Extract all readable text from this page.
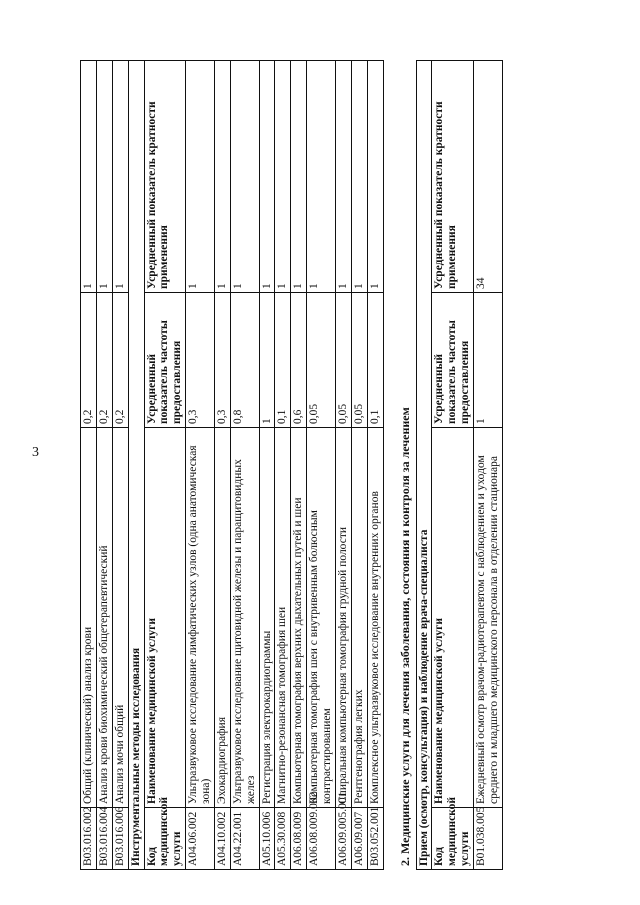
3
B03.016.002	Общий (клинический) анализ крови	0,2	1
B03.016.004	Анализ крови биохимический общетерапевтический	0,2	1
B03.016.006	Анализ мочи общий	0,2	1
Инструментальные методы исследования			
Код медицинской услуги	Наименование медицинской услуги	Усредненный показатель частоты предоставления	Усредненный показатель кратности применения
A04.06.002	Ультразвуковое исследование лимфатических узлов (одна анатомическая зона)	0,3	1
A04.10.002	Эхокардиография	0,3	1
A04.22.001	Ультразвуковое исследование щитовидной железы и паращитовидных желез	0,8	1
A05.10.006	Регистрация электрокардиограммы	1	1
A05.30.008	Магнитно-резонансная томография шеи	0,1	1
A06.08.009	Компьютерная томография верхних дыхательных путей и шеи	0,6	1
A06.08.009.002	Компьютерная томография шеи с внутривенным болюсным контрастированием	0,05	1
A06.09.005.001	Спиральная компьютерная томография грудной полости	0,05	1
A06.09.007	Рентгенография легких	0,05	1
B03.052.001	Комплексное ультразвуковое исследование внутренних органов	0,1	1
2. Медицинские услуги для лечения заболевания, состояния и контроля за лечением Прием (осмотр, консультация) и наблюдение врача-специалиста			
Код медицинской услуги	Наименование медицинской услуги	Усредненный показатель частоты предоставления	Усредненный показатель кратности применения
B01.038.005	Ежедневный осмотр врачом-радиотерапевтом с наблюдением и уходом среднего и младшего медицинского персонала в отделении стационара	1	34
